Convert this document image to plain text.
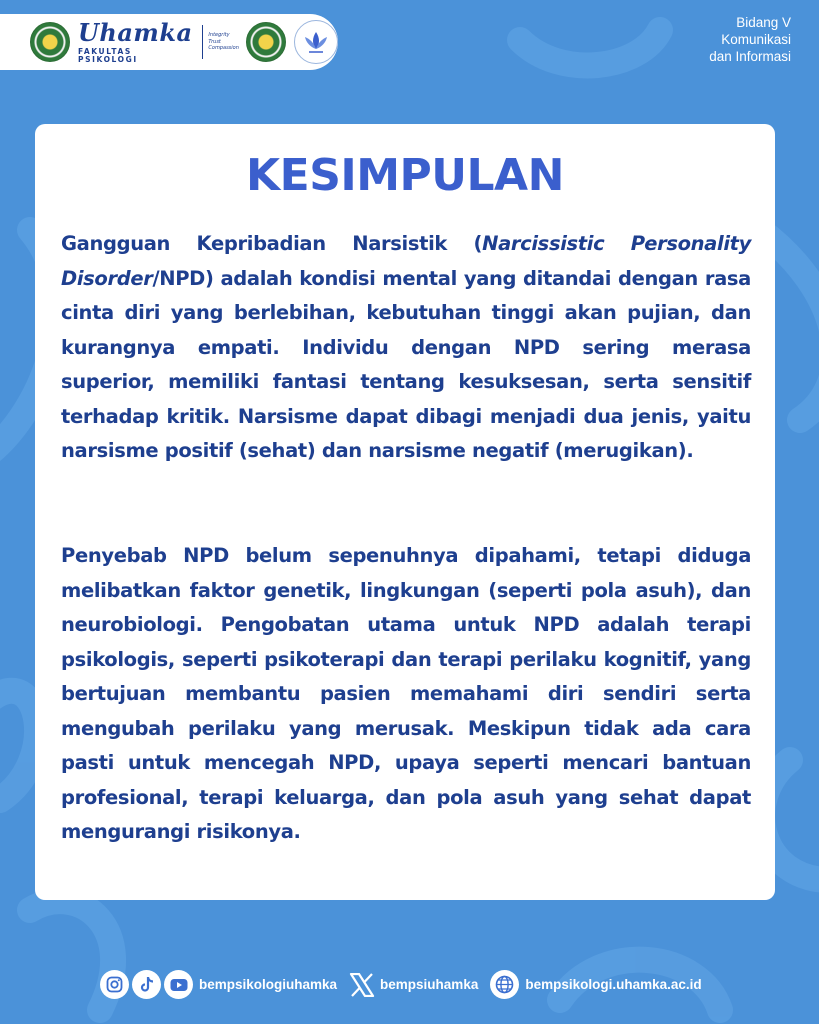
Uhamka
FAKULTAS PSIKOLOGI
Integrity
Trust
Compassion
Bidang V
Komunikasi
dan Informasi
KESIMPULAN

Gangguan Kepribadian Narsistik (Narcissistic Personality Disorder/NPD) adalah kondisi mental yang ditandai dengan rasa cinta diri yang berlebihan, kebutuhan tinggi akan pujian, dan kurangnya empati. Individu dengan NPD sering merasa superior, memiliki fantasi tentang kesuksesan, serta sensitif terhadap kritik. Narsisme dapat dibagi menjadi dua jenis, yaitu narsisme positif (sehat) dan narsisme negatif (merugikan).

Penyebab NPD belum sepenuhnya dipahami, tetapi diduga melibatkan faktor genetik, lingkungan (seperti pola asuh), dan neurobiologi. Pengobatan utama untuk NPD adalah terapi psikologis, seperti psikoterapi dan terapi perilaku kognitif, yang bertujuan membantu pasien memahami diri sendiri serta mengubah perilaku yang merusak. Meskipun tidak ada cara pasti untuk mencegah NPD, upaya seperti mencari bantuan profesional, terapi keluarga, dan pola asuh yang sehat dapat mengurangi risikonya.

bempsikologiuhamka	bempsiuhamka	bempsikologi.uhamka.ac.id
